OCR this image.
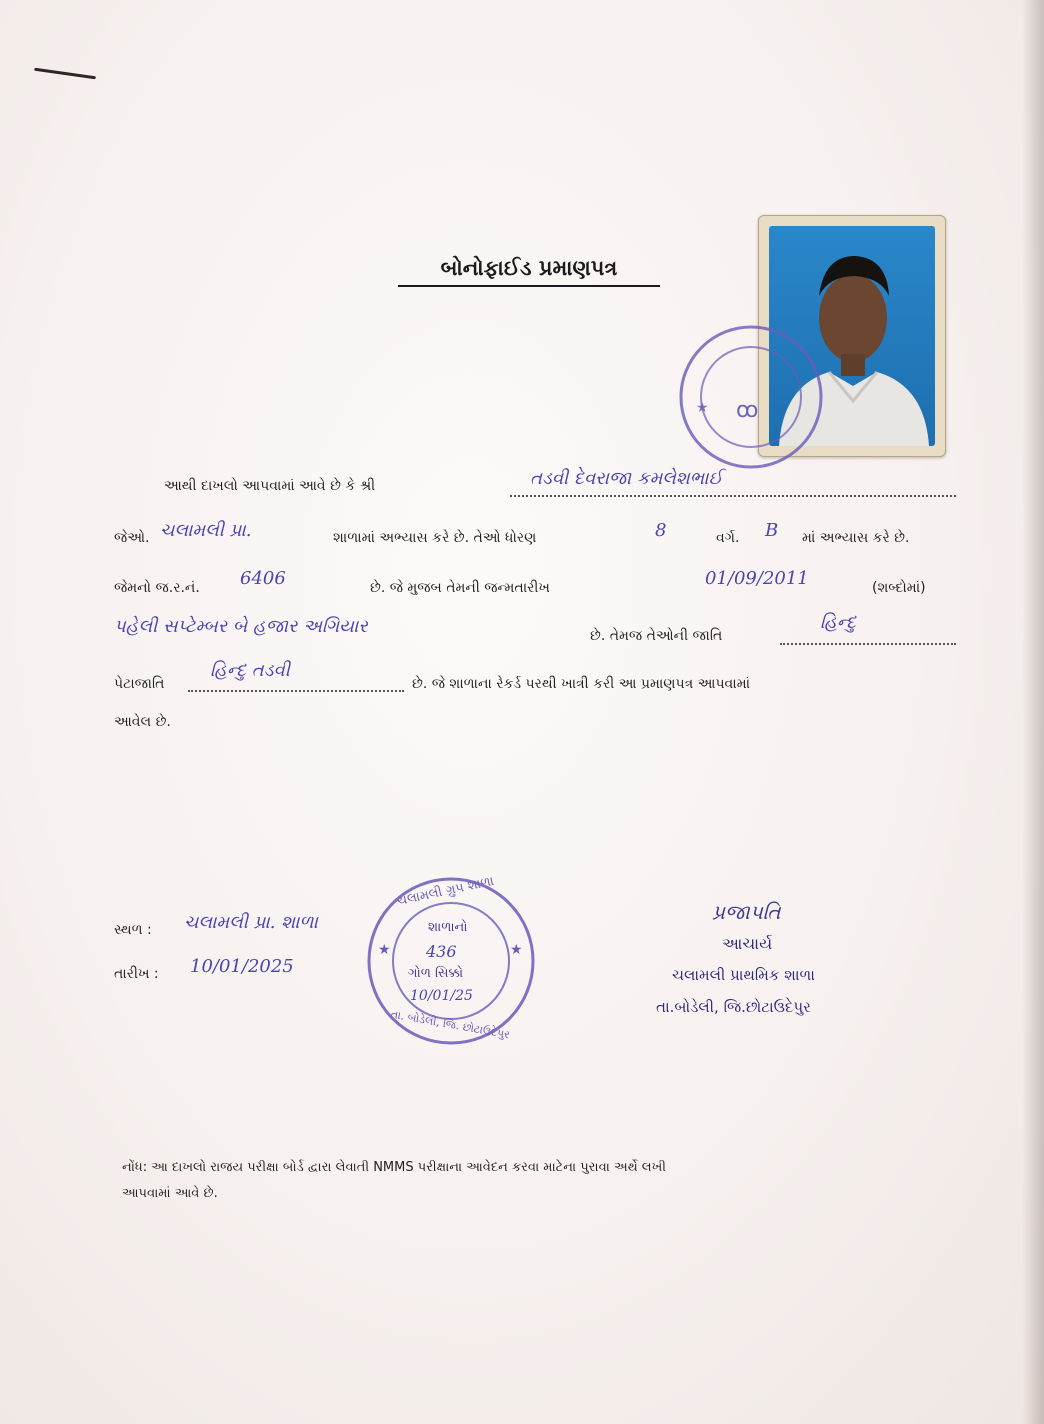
બોનોફાઈડ પ્રમાણપત્ર
★ ꝏ
આથી દાખલો આપવામાં આવે છે કે શ્રી	તડવી દેવરાજા કમલેશભાઈ
જેઓ. ચલામલી પ્રા.	શાળામાં અભ્યાસ કરે છે. તેઓ ધોરણ	8	વર્ગ. B માં અભ્યાસ કરે છે.
જેમનો જ.ર.નં. 6406	છે. જે મુજબ તેમની જન્મતારીખ	01/09/2011	(શબ્દોમાં)
પહેલી સપ્ટેમ્બર બે હજાર અગિયાર	છે. તેમજ તેઓની જાતિ
હિન્દુ
પેટાજાતિ
હિન્દુ તડવી
છે. જે શાળાના રેકર્ડ પરથી ખાત્રી કરી આ પ્રમાણપત્ર આપવામાં
આવેલ છે.
સ્થળ : ચલામલી પ્રા. શાળા
તારીખ : 10/01/2025
★
★
ચલામલી ગ્રુપ શાળા
શાળાનો
436
ગોળ સિક્કો
10/01/25
તા. બોડેલી, જિ. છોટાઉદેપુર
પ્રજાપતિ
આચાર્ય
ચલામલી પ્રાથમિક શાળા
તા.બોડેલી, જિ.છોટાઉદેપુર
નોંધ: આ દાખલો રાજય પરીક્ષા બોર્ડ દ્વારા લેવાતી NMMS પરીક્ષાના આવેદન કરવા માટેના પુરાવા અર્થે લખી
આપવામાં આવે છે.
